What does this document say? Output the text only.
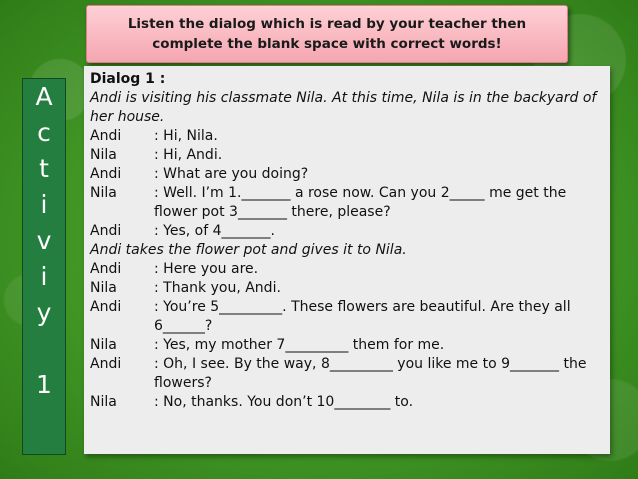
Listen the dialog which is read by your teacher then
complete the blank space with correct words!
A
c
t
i
v
i
y
1
Dialog 1 :
Andi is visiting his classmate Nila. At this time, Nila is in the backyard of her house.
Andi	: Hi, Nila.
Nila	: Hi, Andi.
Andi	: What are you doing?
Nila	: Well. I’m 1._______ a rose now. Can you 2_____ me get the flower pot 3_______ there, please?
Andi	: Yes, of 4_______.
Andi takes the flower pot and gives it to Nila.
Andi	: Here you are.
Nila	: Thank you, Andi.
Andi	: You’re 5_________. These flowers are beautiful. Are they all 6______?
Nila	: Yes, my mother 7_________ them for me.
Andi	: Oh, I see. By the way, 8_________ you like me to 9_______ the flowers?
Nila	: No, thanks. You don’t 10________ to.
